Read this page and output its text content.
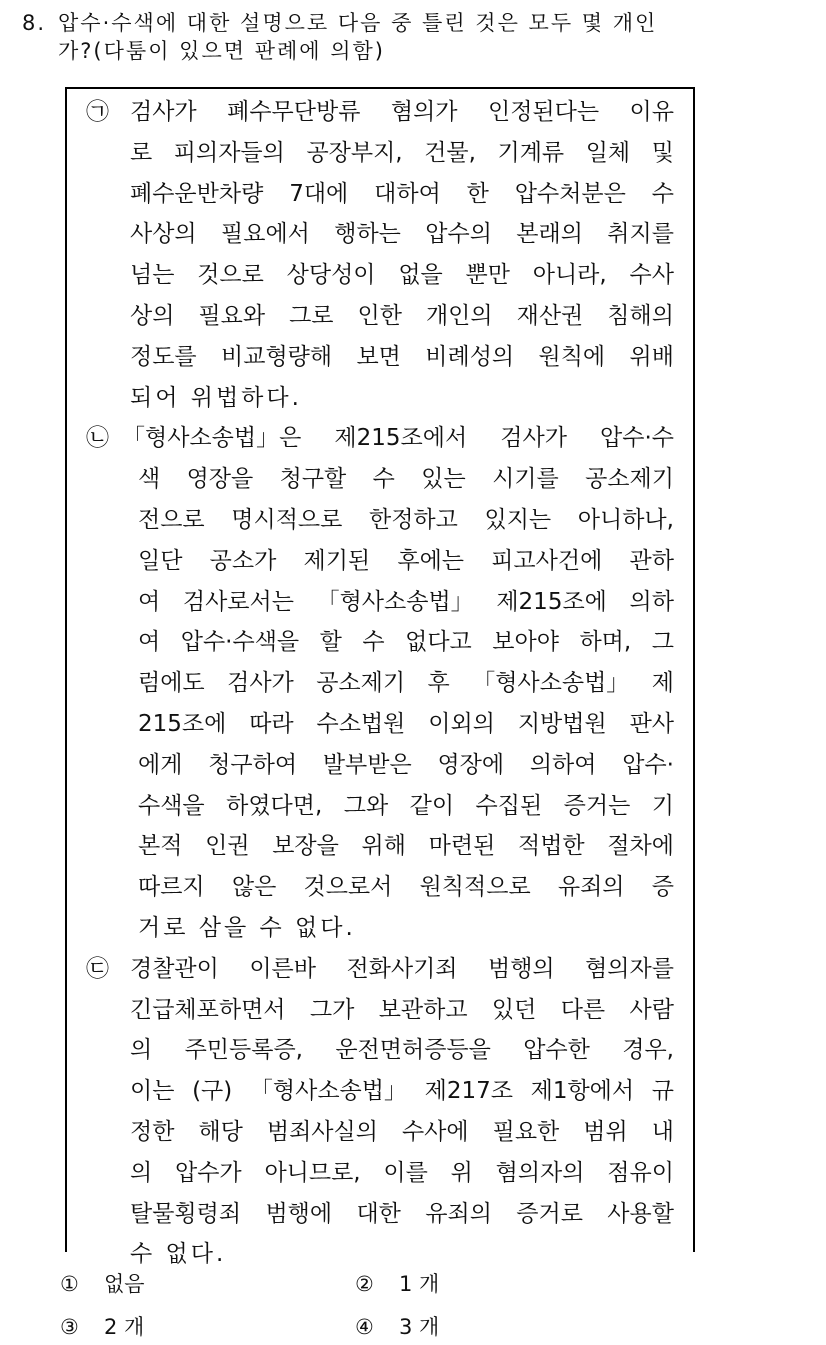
8. 압수·수색에 대한 설명으로 다음 중 틀린 것은 모두 몇 개인
가?(다툼이 있으면 판례에 의함)
㉠ 검사가 폐수무단방류 혐의가 인정된다는 이유
로 피의자들의 공장부지, 건물, 기계류 일체 및
폐수운반차량 7대에 대하여 한 압수처분은 수
사상의 필요에서 행하는 압수의 본래의 취지를
넘는 것으로 상당성이 없을 뿐만 아니라, 수사
상의 필요와 그로 인한 개인의 재산권 침해의
정도를 비교형량해 보면 비례성의 원칙에 위배
되어 위법하다.
㉡ 「형사소송법」은 제215조에서 검사가 압수·수
색 영장을 청구할 수 있는 시기를 공소제기
전으로 명시적으로 한정하고 있지는 아니하나,
일단 공소가 제기된 후에는 피고사건에 관하
여 검사로서는 「형사소송법」 제215조에 의하
여 압수·수색을 할 수 없다고 보아야 하며, 그
럼에도 검사가 공소제기 후 「형사소송법」 제
215조에 따라 수소법원 이외의 지방법원 판사
에게 청구하여 발부받은 영장에 의하여 압수·
수색을 하였다면, 그와 같이 수집된 증거는 기
본적 인권 보장을 위해 마련된 적법한 절차에
따르지 않은 것으로서 원칙적으로 유죄의 증
거로 삼을 수 없다.
㉢ 경찰관이 이른바 전화사기죄 범행의 혐의자를
긴급체포하면서 그가 보관하고 있던 다른 사람
의 주민등록증, 운전면허증등을 압수한 경우,
이는 (구) 「형사소송법」 제217조 제1항에서 규
정한 해당 범죄사실의 수사에 필요한 범위 내
의 압수가 아니므로, 이를 위 혐의자의 점유이
탈물횡령죄 범행에 대한 유죄의 증거로 사용할
수 없다.
① 없음	② 1 개
③ 2 개	④ 3 개
